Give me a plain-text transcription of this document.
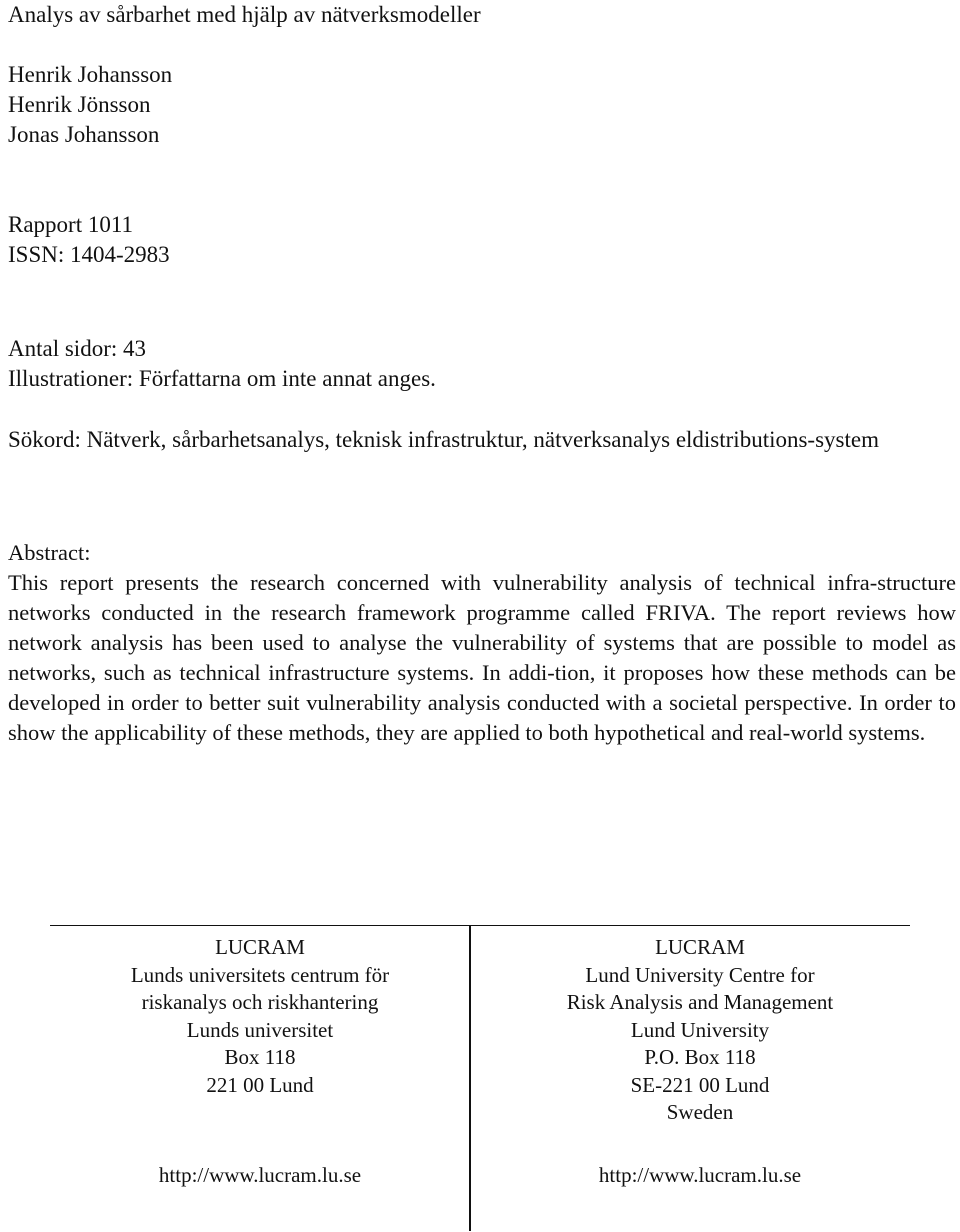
Analys av sårbarhet med hjälp av nätverksmodeller
Henrik Johansson
Henrik Jönsson
Jonas Johansson
Rapport 1011
ISSN: 1404-2983
Antal sidor: 43
Illustrationer: Författarna om inte annat anges.

Sökord: Nätverk, sårbarhetsanalys, teknisk infrastruktur, nätverksanalys eldistributions-system

Abstract:
This report presents the research concerned with vulnerability analysis of technical infra-structure networks conducted in the research framework programme called FRIVA. The report reviews how network analysis has been used to analyse the vulnerability of systems that are possible to model as networks, such as technical infrastructure systems. In addi-tion, it proposes how these methods can be developed in order to better suit vulnerability analysis conducted with a societal perspective. In order to show the applicability of these methods, they are applied to both hypothetical and real-world systems.
LUCRAM
Lunds universitets centrum för
riskanalys och riskhantering
Lunds universitet
Box 118
221 00 Lund
http://www.lucram.lu.se
LUCRAM
Lund University Centre for
Risk Analysis and Management
Lund University
P.O. Box 118
SE-221 00 Lund
Sweden
http://www.lucram.lu.se
